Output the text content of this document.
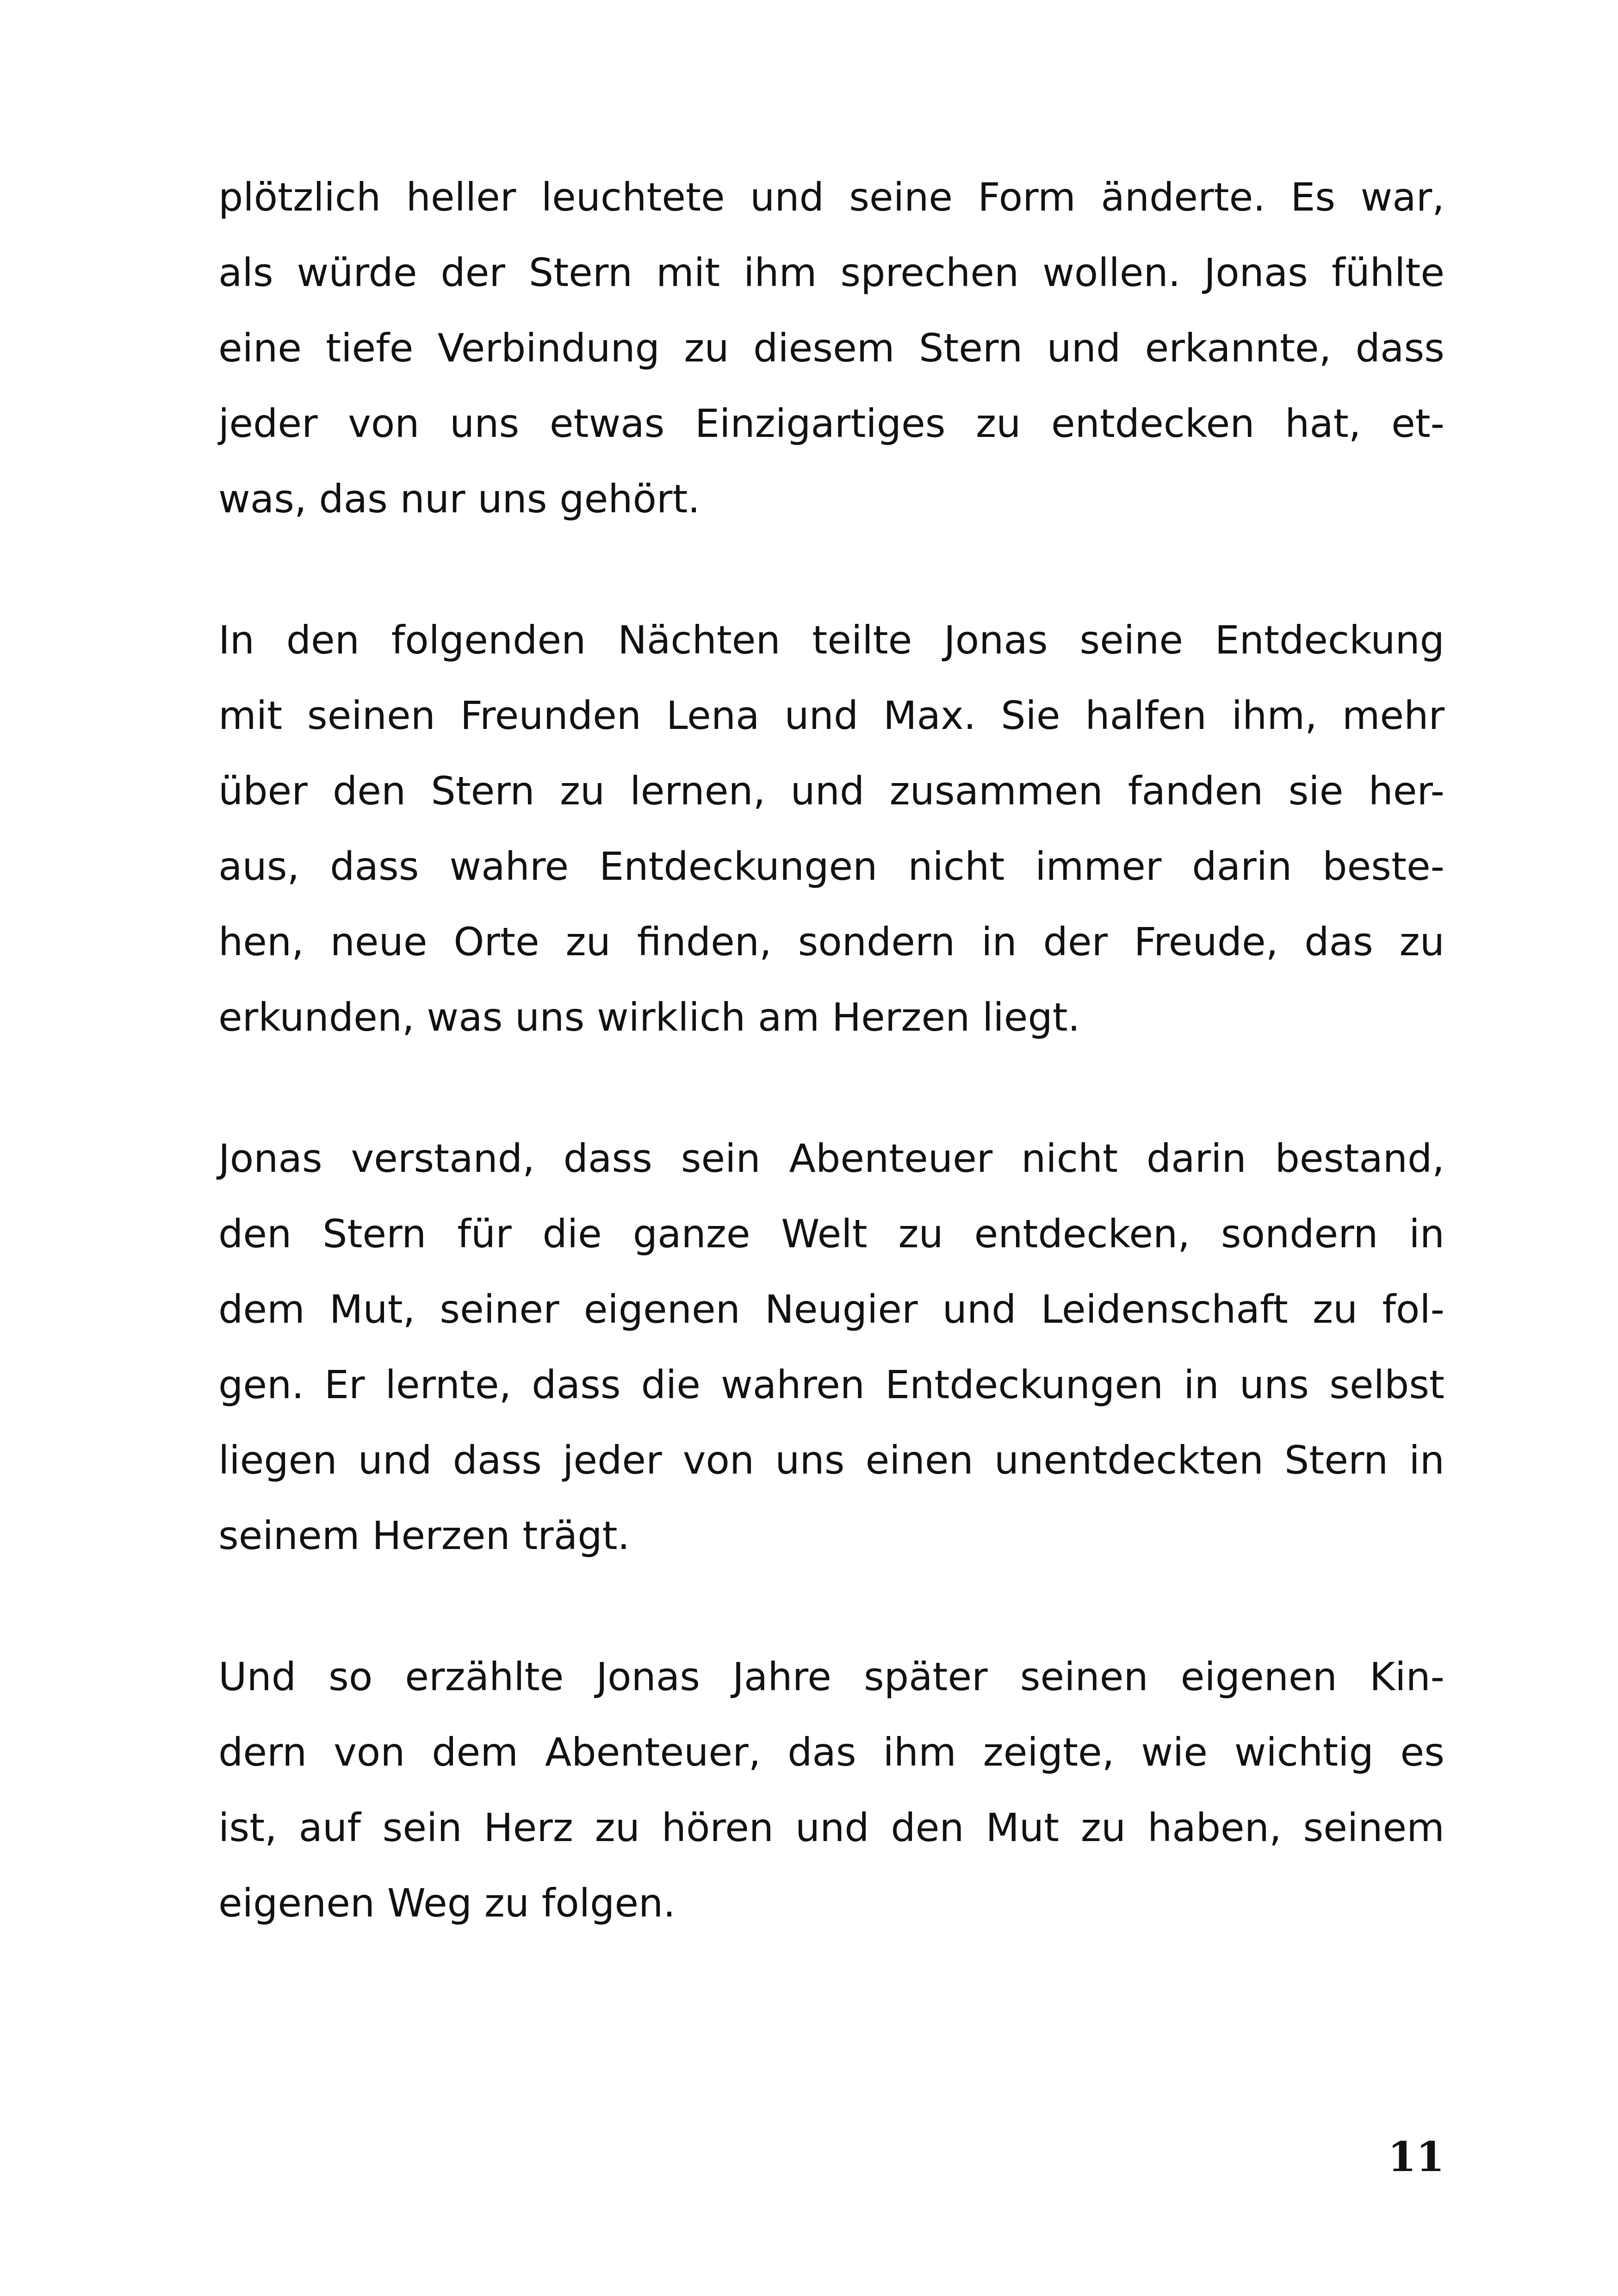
plötzlich heller leuchtete und seine Form änderte. Es war,
als würde der Stern mit ihm sprechen wollen. Jonas fühlte
eine tiefe Verbindung zu diesem Stern und erkannte, dass
jeder von uns etwas Einzigartiges zu entdecken hat, et-
was, das nur uns gehört.
In den folgenden Nächten teilte Jonas seine Entdeckung
mit seinen Freunden Lena und Max. Sie halfen ihm, mehr
über den Stern zu lernen, und zusammen fanden sie her-
aus, dass wahre Entdeckungen nicht immer darin beste-
hen, neue Orte zu finden, sondern in der Freude, das zu
erkunden, was uns wirklich am Herzen liegt.
Jonas verstand, dass sein Abenteuer nicht darin bestand,
den Stern für die ganze Welt zu entdecken, sondern in
dem Mut, seiner eigenen Neugier und Leidenschaft zu fol-
gen. Er lernte, dass die wahren Entdeckungen in uns selbst
liegen und dass jeder von uns einen unentdeckten Stern in
seinem Herzen trägt.
Und so erzählte Jonas Jahre später seinen eigenen Kin-
dern von dem Abenteuer, das ihm zeigte, wie wichtig es
ist, auf sein Herz zu hören und den Mut zu haben, seinem
eigenen Weg zu folgen.
11
